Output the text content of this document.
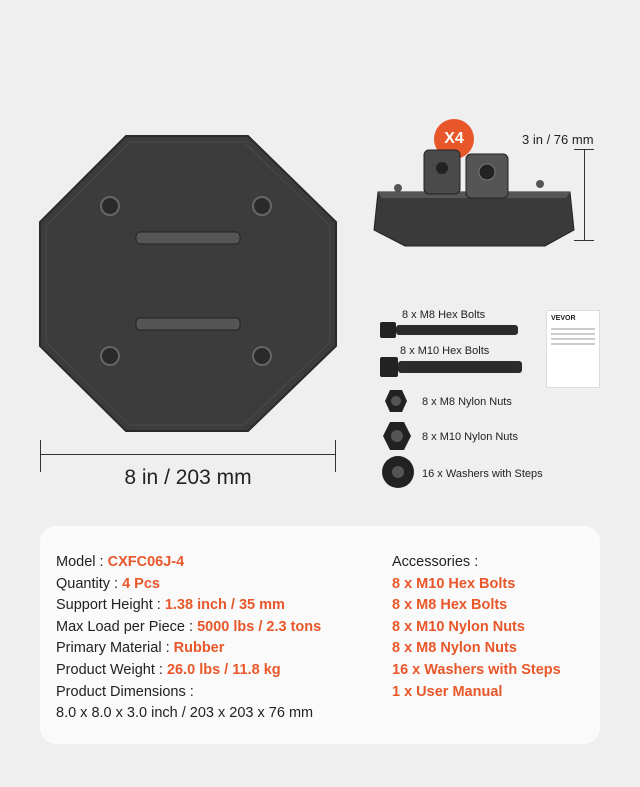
8 in / 203 mm
X4	3 in / 76 mm
8 x M8 Hex Bolts
8 x M10 Hex Bolts
8 x M8 Nylon Nuts
8 x M10 Nylon Nuts
16 x Washers with Steps
VEVOR
Model : CXFC06J-4
Quantity : 4 Pcs
Support Height : 1.38 inch / 35 mm
Max Load per Piece : 5000 lbs / 2.3 tons
Primary Material : Rubber
Product Weight : 26.0 lbs / 11.8 kg
Product Dimensions :
8.0 x 8.0 x 3.0 inch / 203 x 203 x 76 mm
Accessories :
8 x M10 Hex Bolts
8 x M8 Hex Bolts
8 x M10 Nylon Nuts
8 x M8 Nylon Nuts
16 x Washers with Steps
1 x User Manual
